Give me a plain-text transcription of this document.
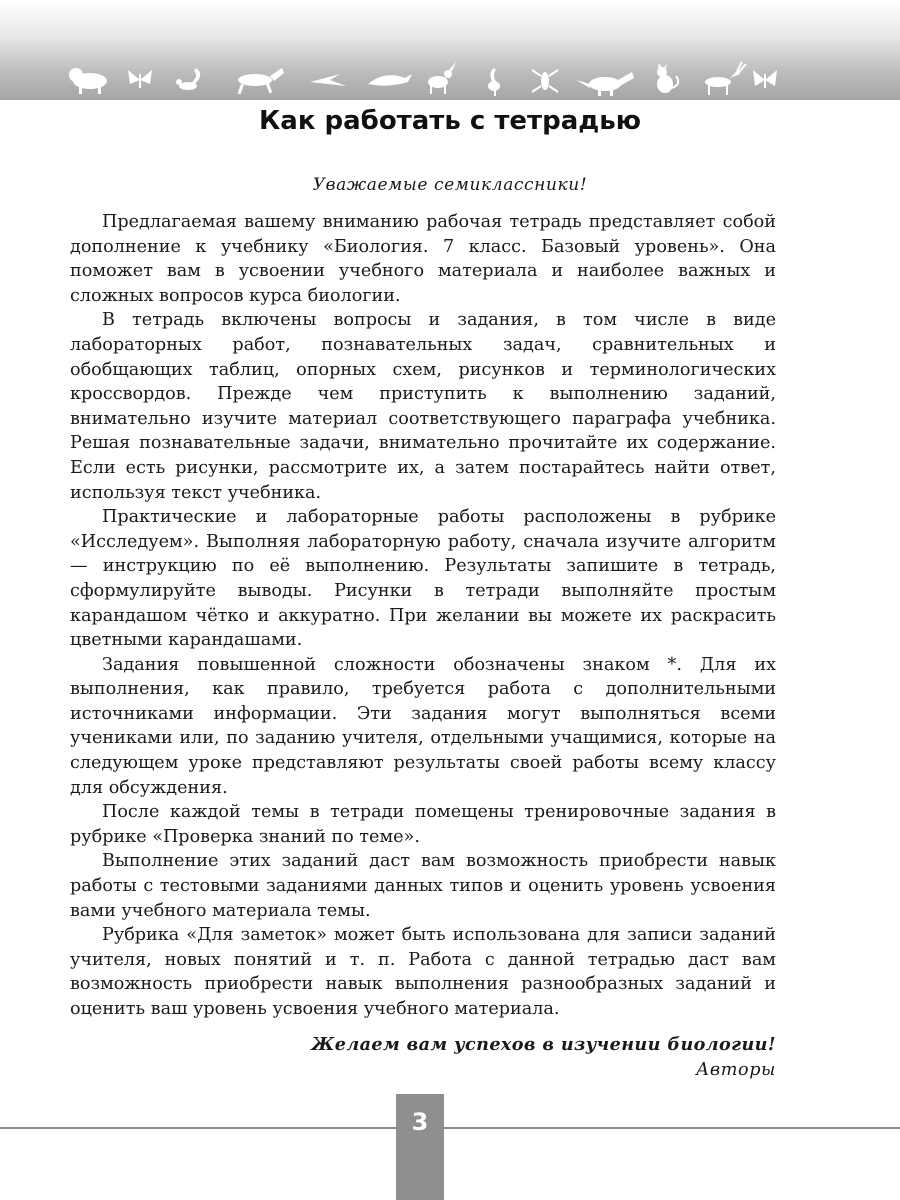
Как работать с тетрадью

Уважаемые семиклассники!

Предлагаемая вашему вниманию рабочая тетрадь представляет собой дополнение к учебнику «Биология. 7 класс. Базовый уровень». Она поможет вам в усвоении учебного материала и наиболее важных и сложных вопросов курса биологии.

В тетрадь включены вопросы и задания, в том числе в виде лабораторных работ, познавательных задач, сравнительных и обобщающих таблиц, опорных схем, рисунков и терминологических кроссвордов. Прежде чем приступить к выполнению заданий, внимательно изучите материал соответствующего параграфа учебника. Решая познавательные задачи, внимательно прочитайте их содержание. Если есть рисунки, рассмотрите их, а затем постарайтесь найти ответ, используя текст учебника.

Практические и лабораторные работы расположены в рубрике «Исследуем». Выполняя лабораторную работу, сначала изучите алгоритм — инструкцию по её выполнению. Результаты запишите в тетрадь, сформулируйте выводы. Рисунки в тетради выполняйте простым карандашом чётко и аккуратно. При желании вы можете их раскрасить цветными карандашами.

Задания повышенной сложности обозначены знаком *. Для их выполнения, как правило, требуется работа с дополнительными источниками информации. Эти задания могут выполняться всеми учениками или, по заданию учителя, отдельными учащимися, которые на следующем уроке представляют результаты своей работы всему классу для обсуждения.

После каждой темы в тетради помещены тренировочные задания в рубрике «Проверка знаний по теме».

Выполнение этих заданий даст вам возможность приобрести навык работы с тестовыми заданиями данных типов и оценить уровень усвоения вами учебного материала темы.

Рубрика «Для заметок» может быть использована для записи заданий учителя, новых понятий и т. п. Работа с данной тетрадью даст вам возможность приобрести навык выполнения разнообразных заданий и оценить ваш уровень усвоения учебного материала.

Желаем вам успехов в изучении биологии!

Авторы

3
